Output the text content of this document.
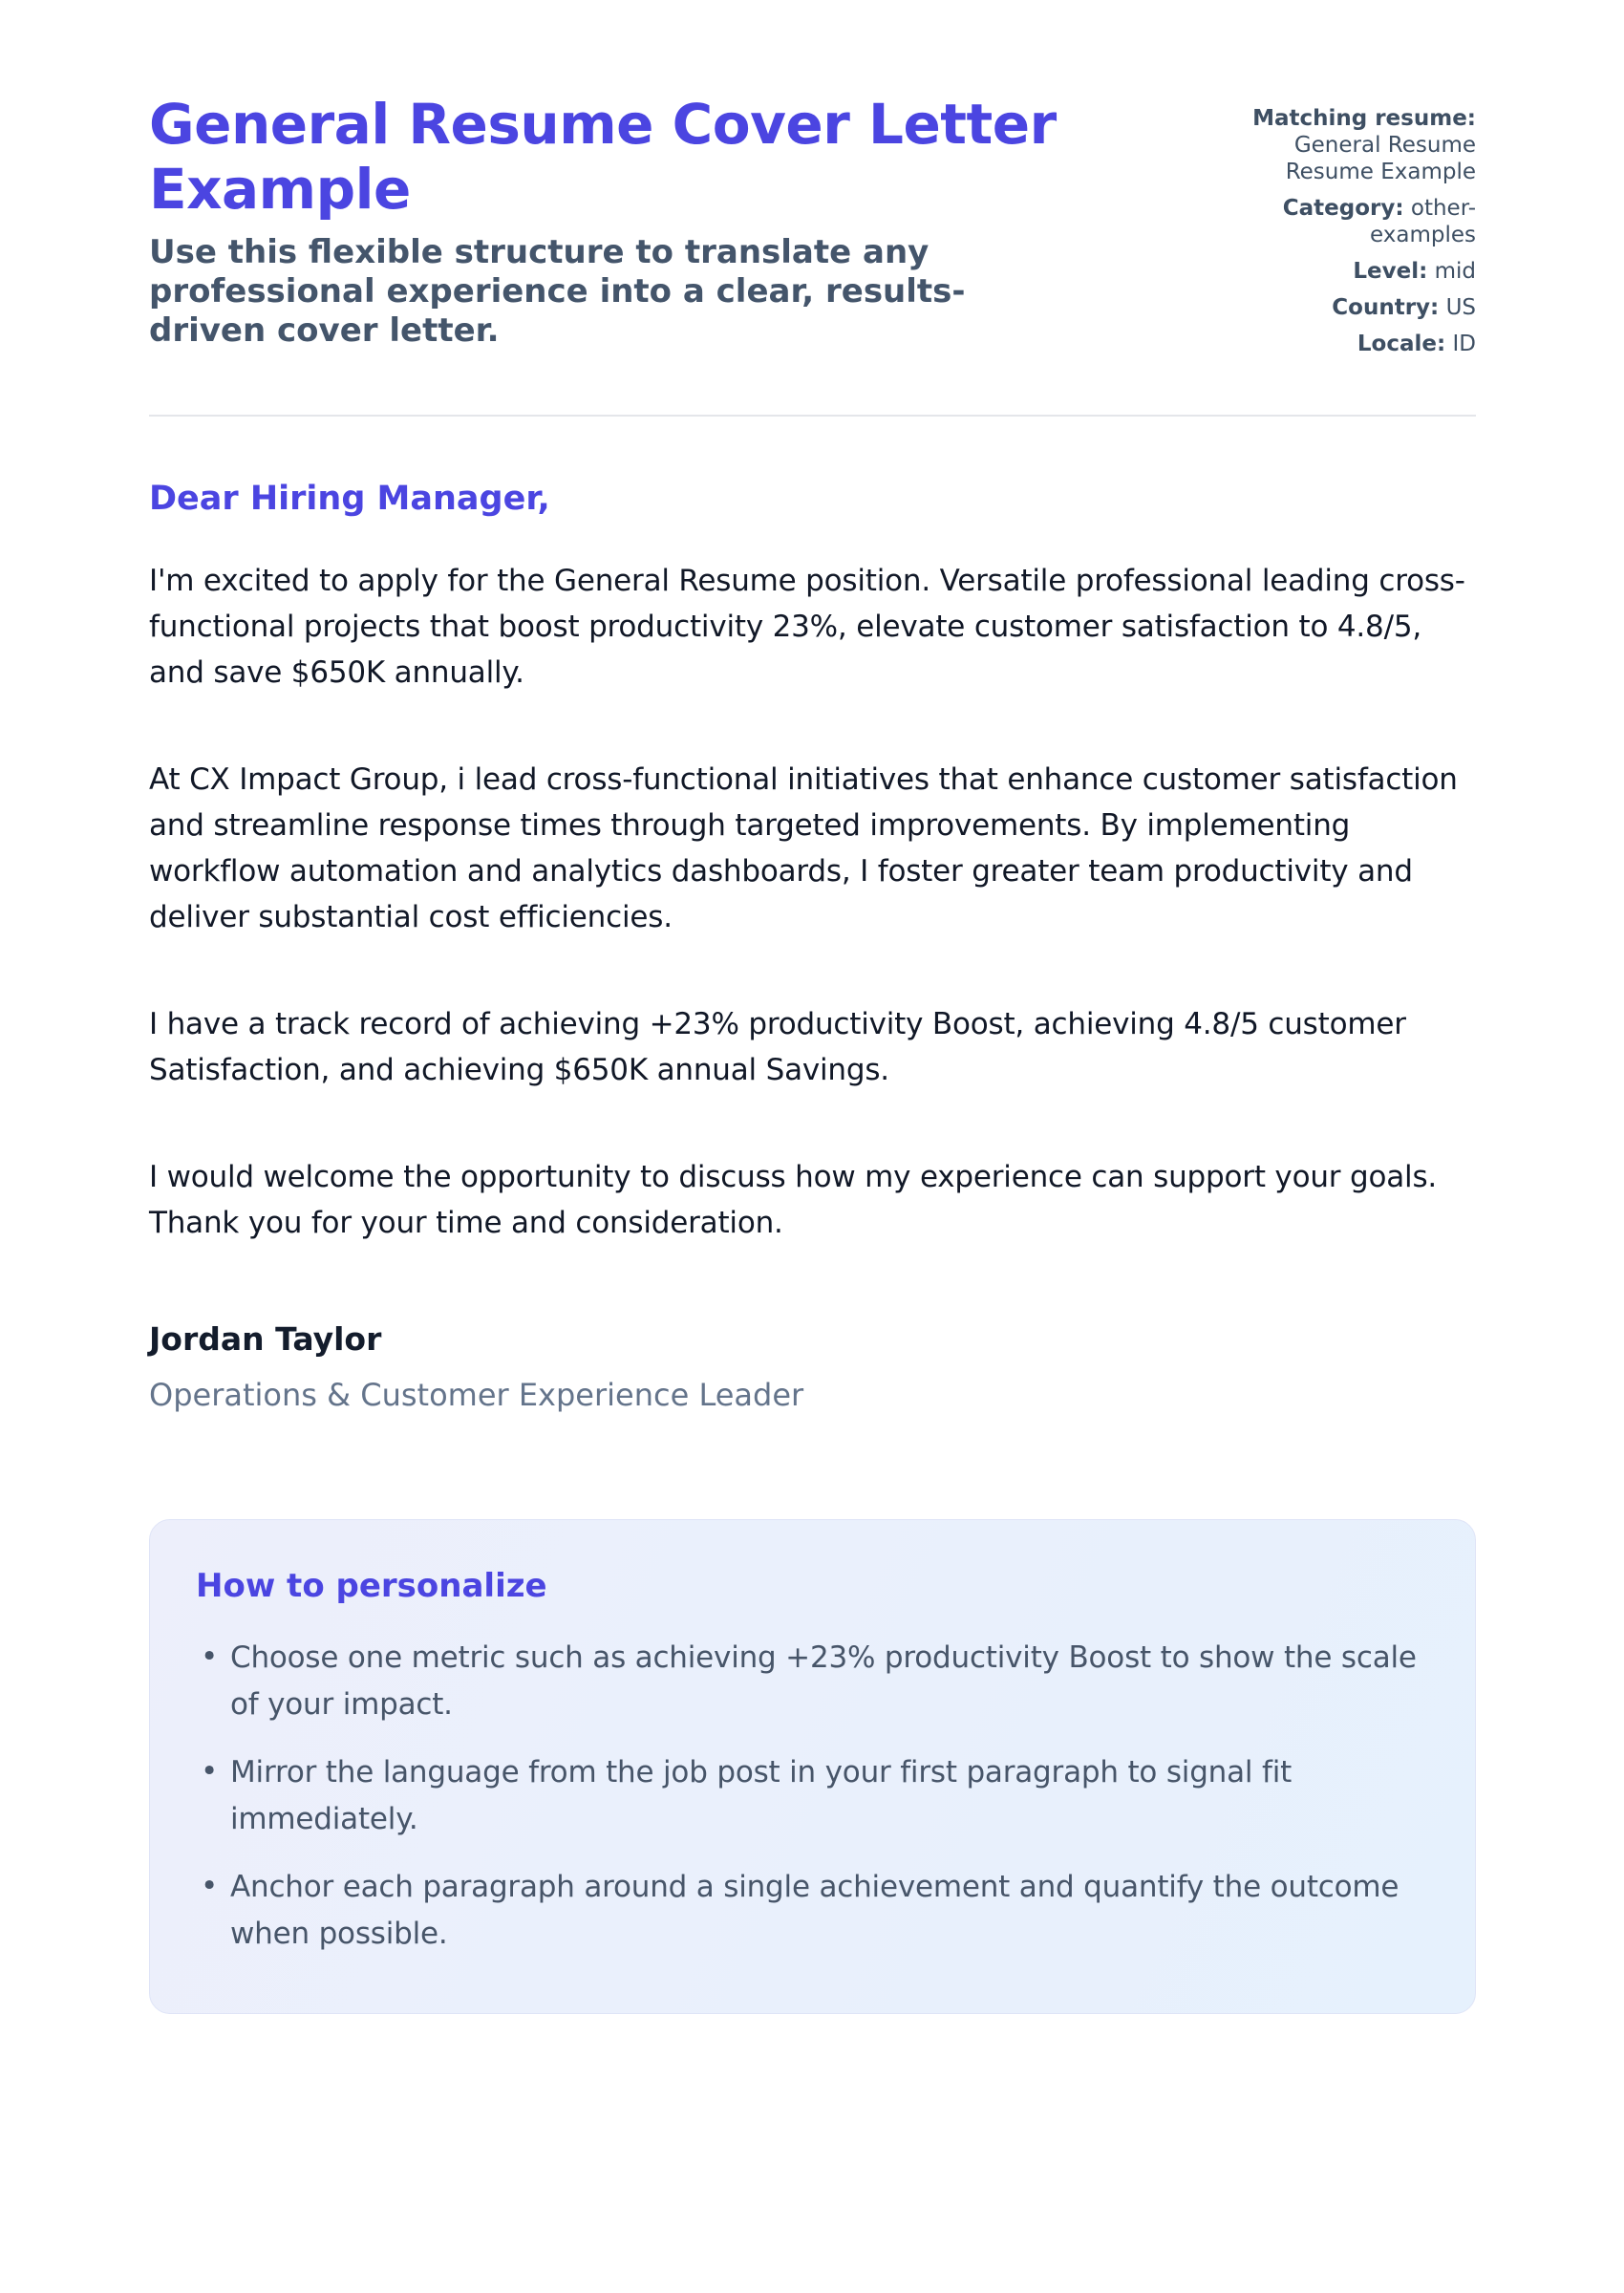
General Resume Cover Letter Example
Use this flexible structure to translate any professional experience into a clear, results-driven cover letter.
Matching resume: General Resume Resume Example
Category: other-examples
Level: mid
Country: US
Locale: ID
Dear Hiring Manager,

I'm excited to apply for the General Resume position. Versatile professional leading cross-functional projects that boost productivity 23%, elevate customer satisfaction to 4.8/5, and save $650K annually.

At CX Impact Group, i lead cross-functional initiatives that enhance customer satisfaction and streamline response times through targeted improvements. By implementing workflow automation and analytics dashboards, I foster greater team productivity and deliver substantial cost efficiencies.

I have a track record of achieving +23% productivity Boost, achieving 4.8/5 customer Satisfaction, and achieving $650K annual Savings.

I would welcome the opportunity to discuss how my experience can support your goals. Thank you for your time and consideration.

Jordan Taylor
Operations & Customer Experience Leader
How to personalize
• Choose one metric such as achieving +23% productivity Boost to show the scale of your impact.
• Mirror the language from the job post in your first paragraph to signal fit immediately.
• Anchor each paragraph around a single achievement and quantify the outcome when possible.
